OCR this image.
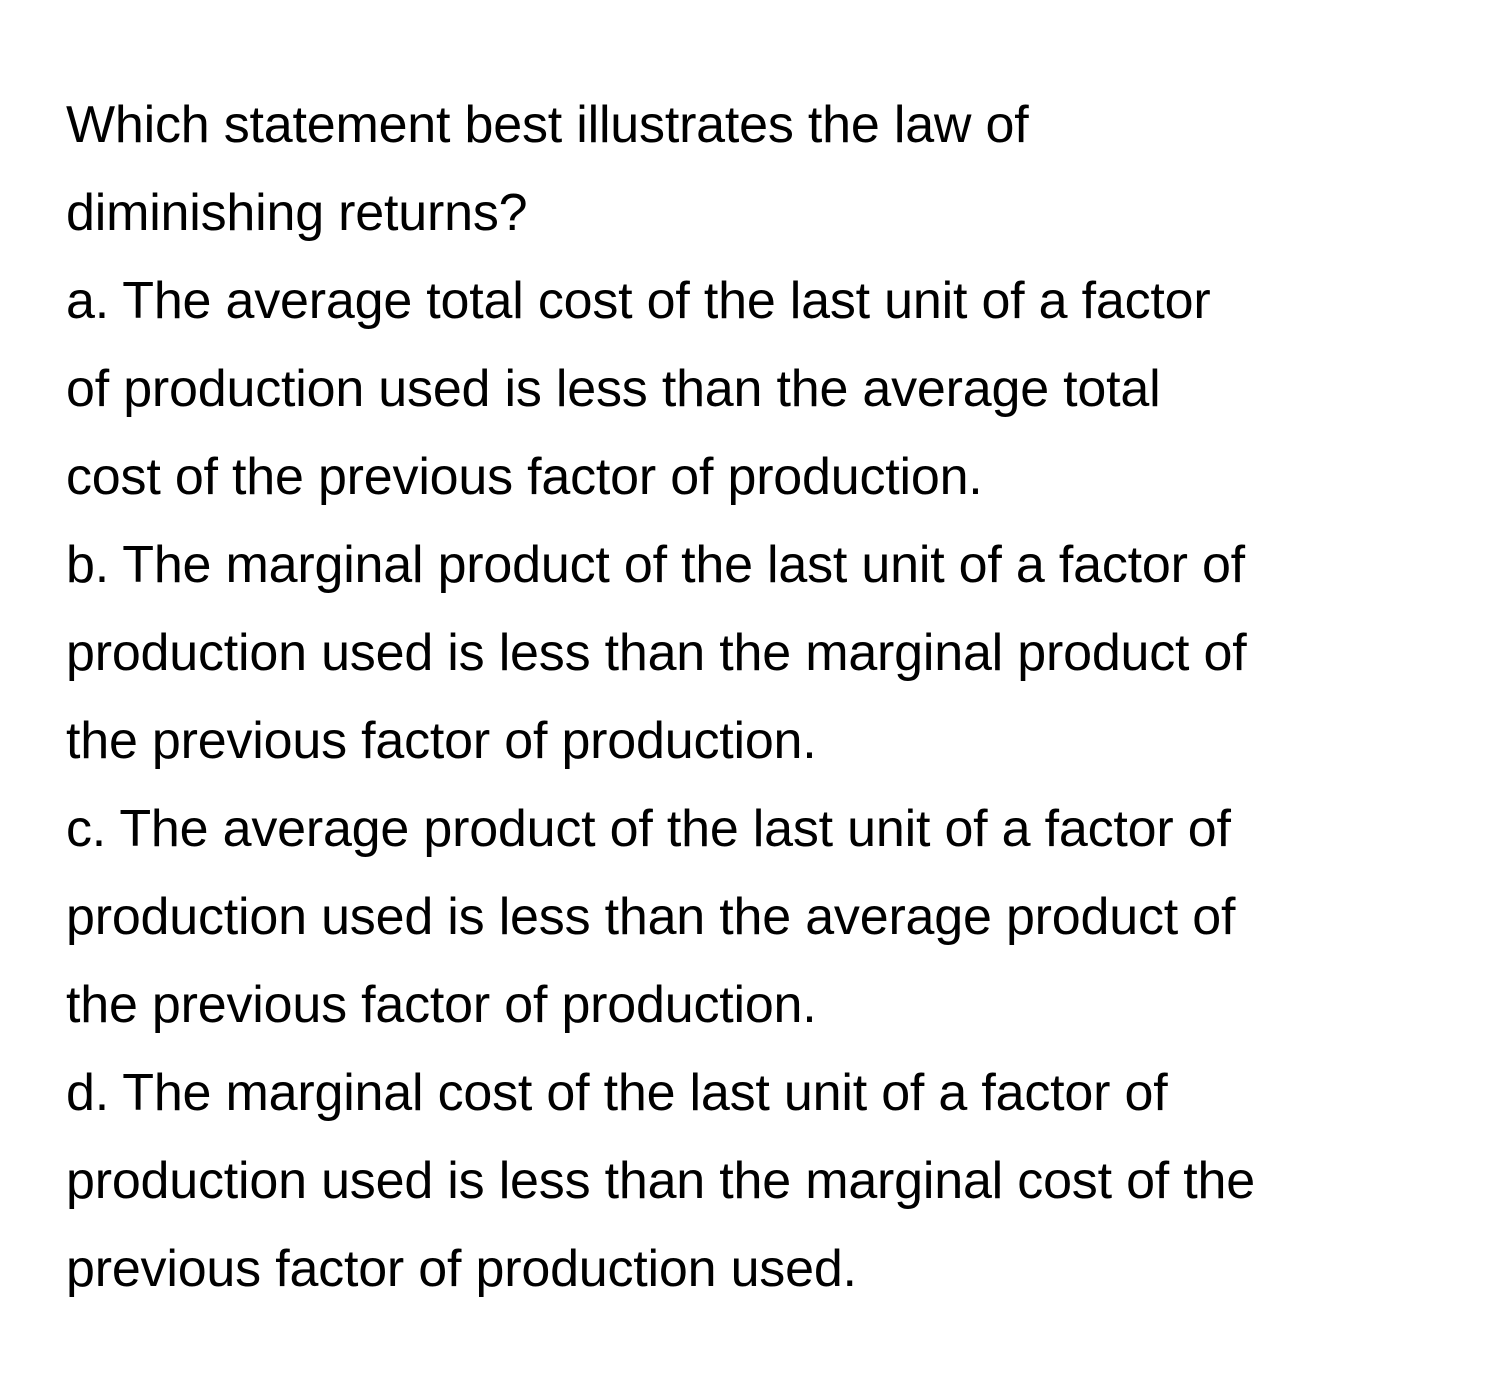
Which statement best illustrates the law of
diminishing returns?
a. The average total cost of the last unit of a factor
of production used is less than the average total
cost of the previous factor of production.
b. The marginal product of the last unit of a factor of
production used is less than the marginal product of
the previous factor of production.
c. The average product of the last unit of a factor of
production used is less than the average product of
the previous factor of production.
d. The marginal cost of the last unit of a factor of
production used is less than the marginal cost of the
previous factor of production used.
